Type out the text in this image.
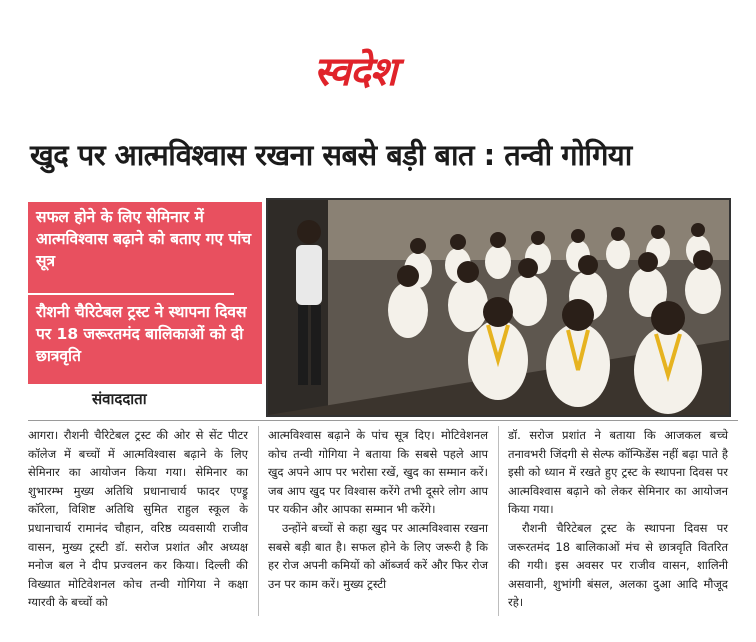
स्वदेश
खुद पर आत्मविश्वास रखना सबसे बड़ी बात : तन्वी गोगिया
सफल होने के लिए सेमिनार में आत्मविश्वास बढ़ाने को बताए गए पांच सूत्र
रौशनी चैरिटेबल ट्रस्ट ने स्थापना दिवस पर 18 जरूरतमंद बालिकाओं को दी छात्रवृति
संवाददाता

आगरा। रौशनी चैरिटेबल ट्रस्ट की ओर से सेंट पीटर कॉलेज में बच्चों में आत्मविश्वास बढ़ाने के लिए सेमिनार का आयोजन किया गया। सेमिनार का शुभारम्भ मुख्य अतिथि प्रधानाचार्य फादर एण्ड्रू कॉरेला, विशिष्ट अतिथि सुमित राहुल स्कूल के प्रधानाचार्य रामानंद चौहान, वरिष्ठ व्यवसायी राजीव वासन, मुख्य ट्रस्टी डॉ. सरोज प्रशांत और अध्यक्ष मनोज बल ने दीप प्रज्वलन कर किया। दिल्ली की विख्यात मोटिवेशनल कोच तन्वी गोगिया ने कक्षा ग्यारवी के बच्चों को

आत्मविश्वास बढ़ाने के पांच सूत्र दिए। मोटिवेशनल कोच तन्वी गोगिया ने बताया कि सबसे पहले आप खुद अपने आप पर भरोसा रखें, खुद का सम्मान करें। जब आप खुद पर विश्वास करेंगे तभी दूसरे लोग आप पर यकीन और आपका सम्मान भी करेंगे।

उन्होंने बच्चों से कहा खुद पर आत्मविश्वास रखना सबसे बड़ी बात है। सफल होने के लिए जरूरी है कि हर रोज अपनी कमियों को ऑब्जर्व करें और फिर रोज उन पर काम करें। मुख्य ट्रस्टी

डॉ. सरोज प्रशांत ने बताया कि आजकल बच्चे तनावभरी जिंदगी से सेल्फ कॉन्फिडेंस नहीं बढ़ा पाते है इसी को ध्यान में रखते हुए ट्रस्ट के स्थापना दिवस पर आत्मविश्वास बढ़ाने को लेकर सेमिनार का आयोजन किया गया।

रौशनी चैरिटेबल ट्रस्ट के स्थापना दिवस पर जरूरतमंद 18 बालिकाओं मंच से छात्रवृति वितरित की गयी। इस अवसर पर राजीव वासन, शालिनी असवानी, शुभांगी बंसल, अलका दुआ आदि मौजूद रहे।
